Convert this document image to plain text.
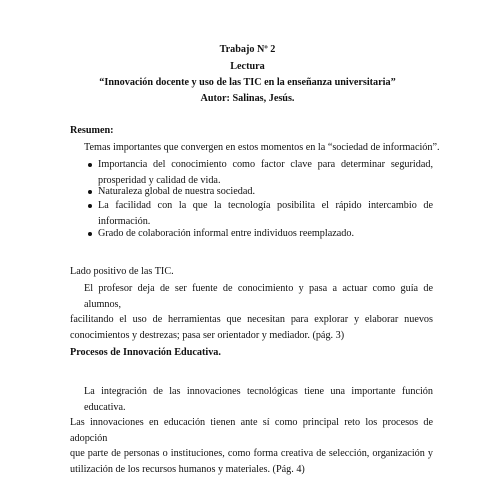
Trabajo Nº 2
Lectura
“Innovación docente y uso de las TIC en la enseñanza universitaria”
Autor: Salinas, Jesús.
Resumen:
Temas importantes que convergen en estos momentos en la “sociedad de información”.
Importancia del conocimiento como factor clave para determinar seguridad,
prosperidad y calidad de vida.
Naturaleza global de nuestra sociedad.
La facilidad con la que la tecnología posibilita el rápido intercambio de
información.
Grado de colaboración informal entre individuos reemplazado.
Lado positivo de las TIC.
El profesor deja de ser fuente de conocimiento y pasa a actuar como guía de alumnos,
facilitando el uso de herramientas que necesitan para explorar y elaborar nuevos
conocimientos y destrezas; pasa ser orientador y mediador. (pág. 3)
Procesos de Innovación Educativa.
La integración de las innovaciones tecnológicas tiene una importante función educativa.
Las innovaciones en educación tienen ante sí como principal reto los procesos de adopción
que parte de personas o instituciones, como forma creativa de selección, organización y
utilización de los recursos humanos y materiales. (Pág. 4)
